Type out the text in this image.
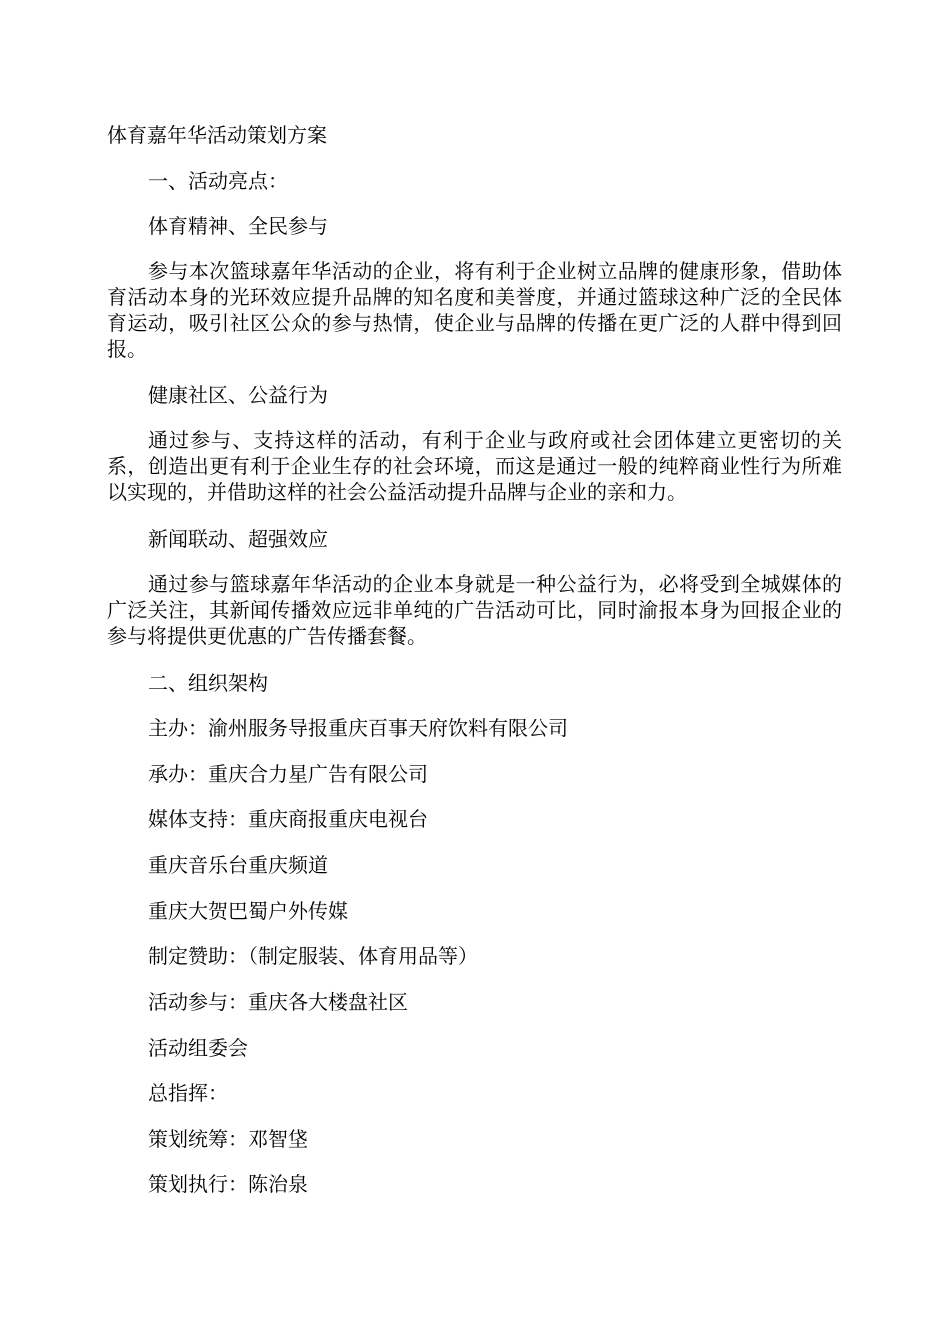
体育嘉年华活动策划方案
一、活动亮点：
体育精神、全民参与
参与本次篮球嘉年华活动的企业，将有利于企业树立品牌的健康形象，借助体育活动本身的光环效应提升品牌的知名度和美誉度，并通过篮球这种广泛的全民体育运动，吸引社区公众的参与热情，使企业与品牌的传播在更广泛的人群中得到回报。
健康社区、公益行为
通过参与、支持这样的活动，有利于企业与政府或社会团体建立更密切的关系，创造出更有利于企业生存的社会环境，而这是通过一般的纯粹商业性行为所难以实现的，并借助这样的社会公益活动提升品牌与企业的亲和力。
新闻联动、超强效应
通过参与篮球嘉年华活动的企业本身就是一种公益行为，必将受到全城媒体的广泛关注，其新闻传播效应远非单纯的广告活动可比，同时渝报本身为回报企业的参与将提供更优惠的广告传播套餐。
二、组织架构
主办：渝州服务导报重庆百事天府饮料有限公司
承办：重庆合力星广告有限公司
媒体支持：重庆商报重庆电视台
重庆音乐台重庆频道
重庆大贺巴蜀户外传媒
制定赞助：（制定服装、体育用品等）
活动参与：重庆各大楼盘社区
活动组委会
总指挥：
策划统筹：邓智垡
策划执行：陈治泉
